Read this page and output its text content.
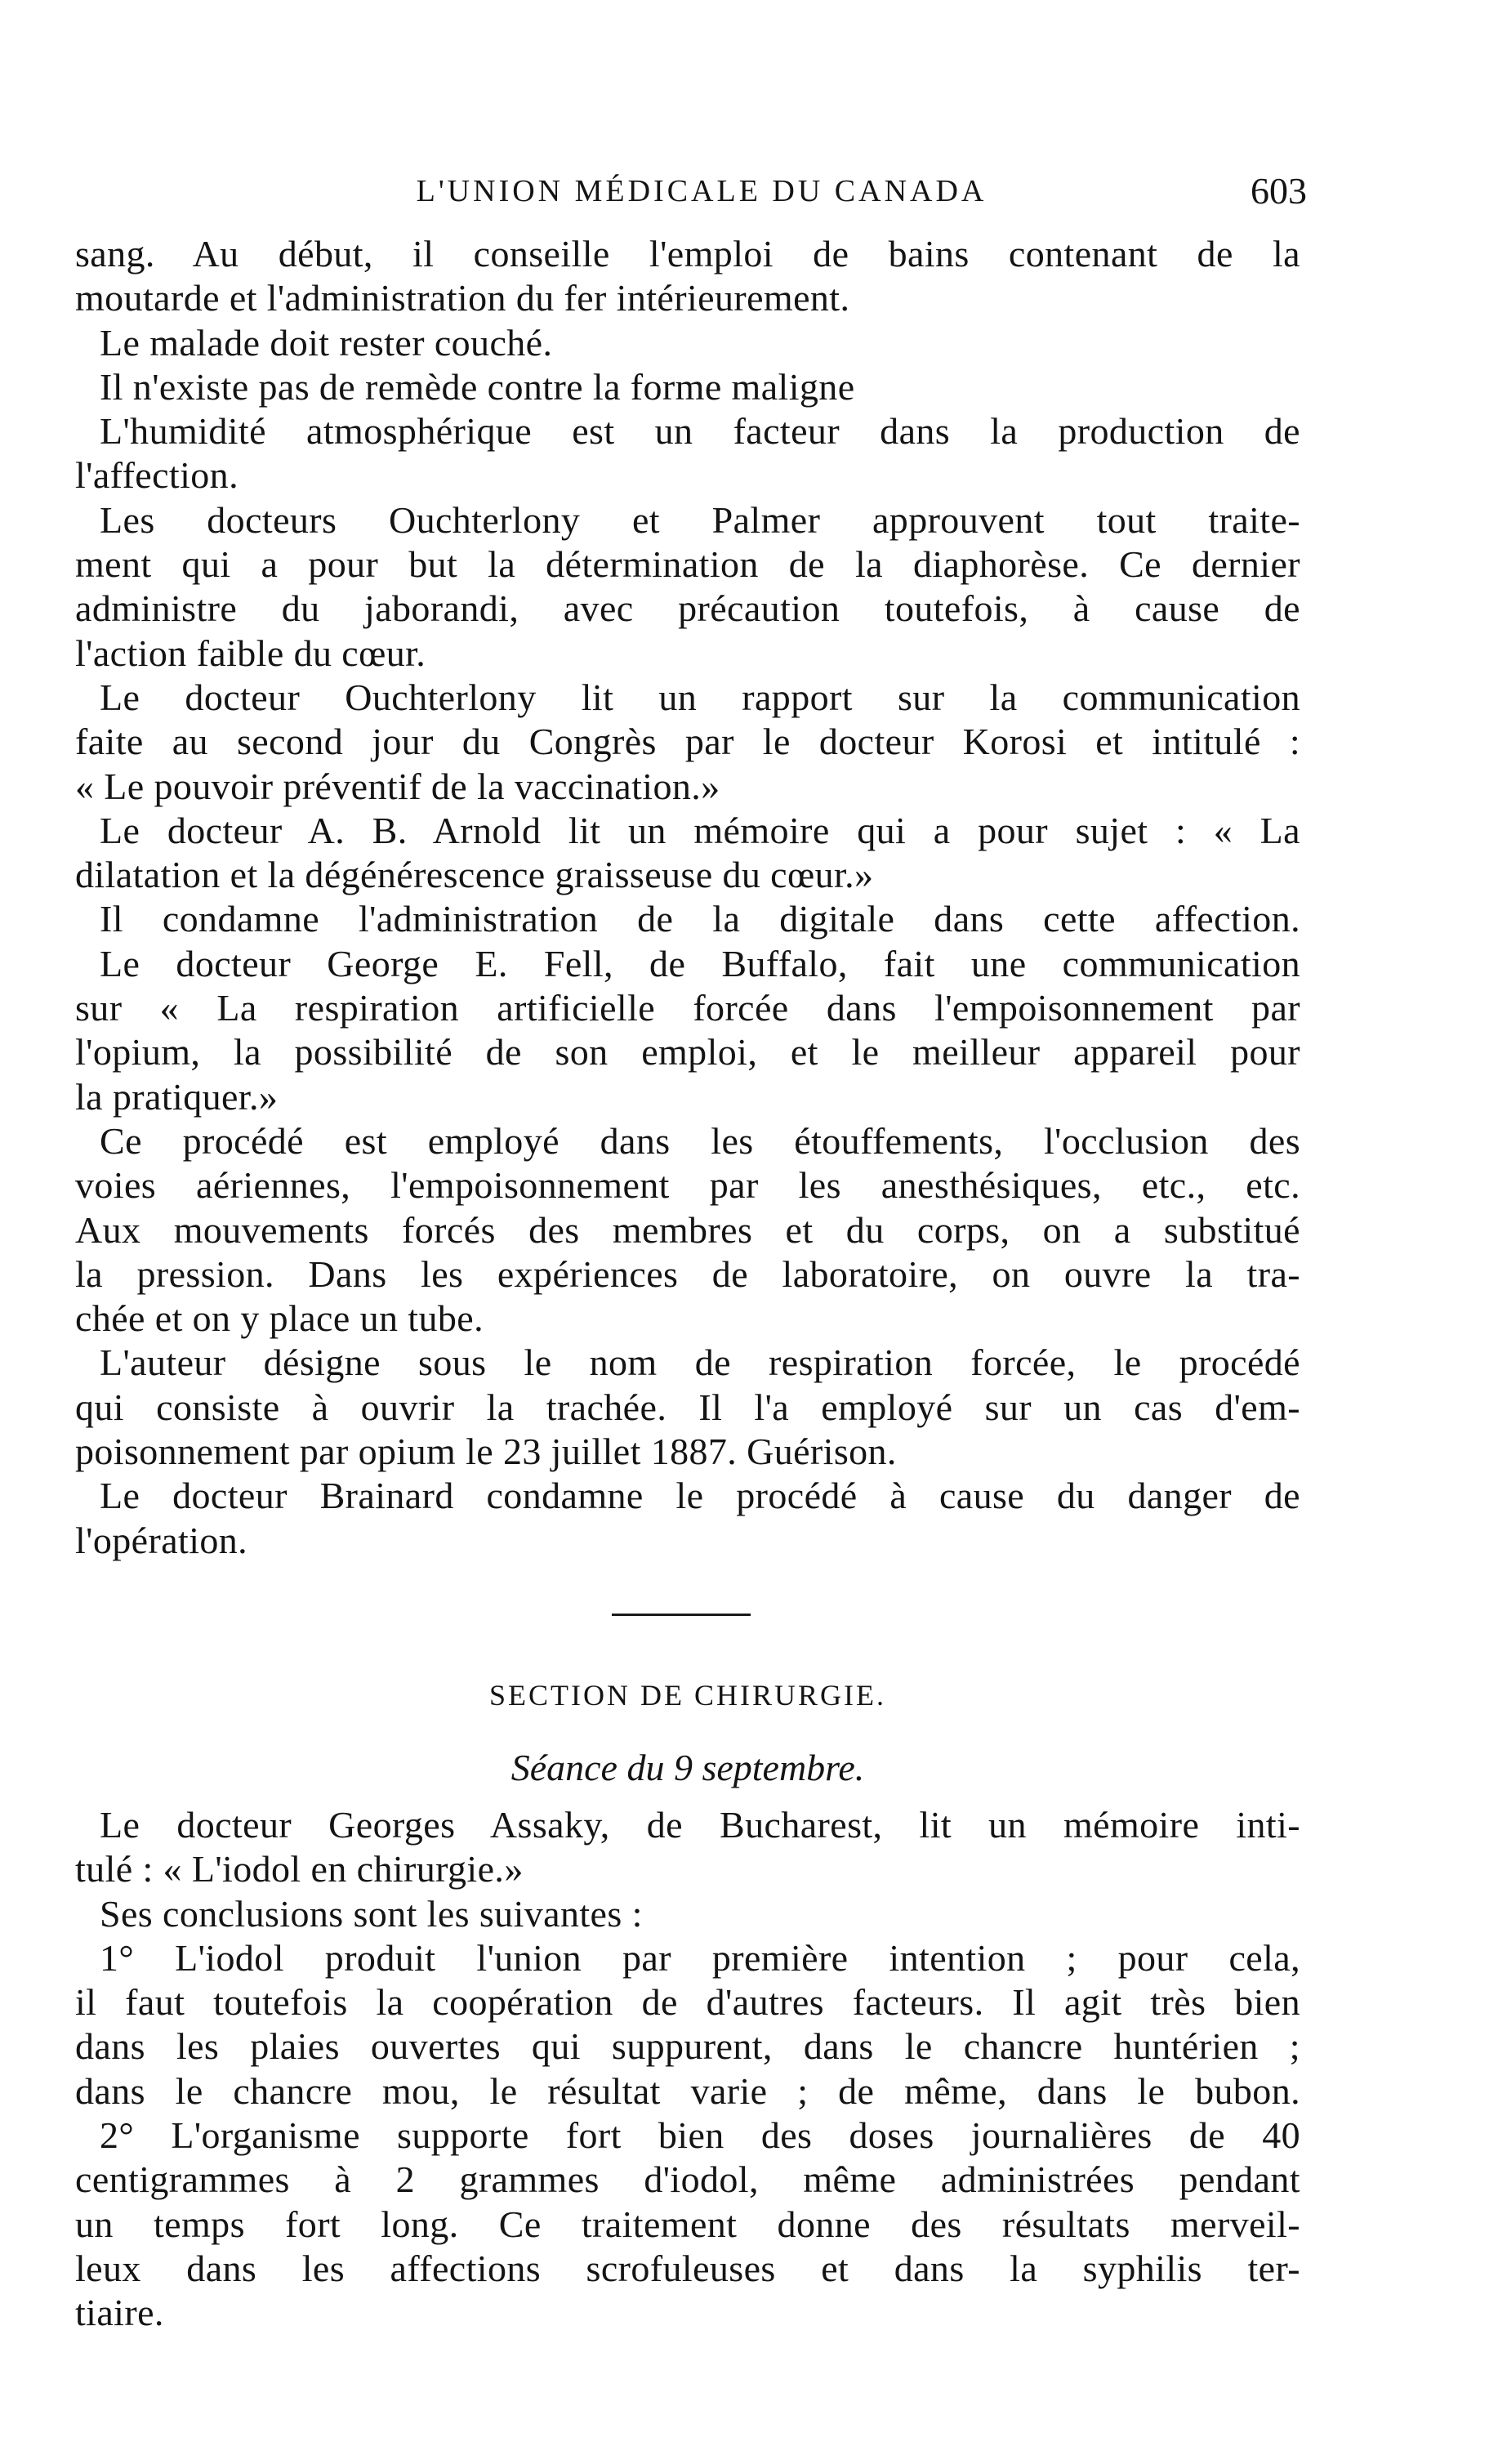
L'UNION MÉDICALE DU CANADA	603
sang. Au début, il conseille l'emploi de bains contenant de la
moutarde et l'administration du fer intérieurement.
Le malade doit rester couché.
Il n'existe pas de remède contre la forme maligne
L'humidité atmosphérique est un facteur dans la production de
l'affection.
Les docteurs Ouchterlony et Palmer approuvent tout traite-
ment qui a pour but la détermination de la diaphorèse. Ce dernier
administre du jaborandi, avec précaution toutefois, à cause de
l'action faible du cœur.
Le docteur Ouchterlony lit un rapport sur la communication
faite au second jour du Congrès par le docteur Korosi et intitulé :
« Le pouvoir préventif de la vaccination.»
Le docteur A. B. Arnold lit un mémoire qui a pour sujet : « La
dilatation et la dégénérescence graisseuse du cœur.»
Il condamne l'administration de la digitale dans cette affection.
Le docteur George E. Fell, de Buffalo, fait une communication
sur « La respiration artificielle forcée dans l'empoisonnement par
l'opium, la possibilité de son emploi, et le meilleur appareil pour
la pratiquer.»
Ce procédé est employé dans les étouffements, l'occlusion des
voies aériennes, l'empoisonnement par les anesthésiques, etc., etc.
Aux mouvements forcés des membres et du corps, on a substitué
la pression. Dans les expériences de laboratoire, on ouvre la tra-
chée et on y place un tube.
L'auteur désigne sous le nom de respiration forcée, le procédé
qui consiste à ouvrir la trachée. Il l'a employé sur un cas d'em-
poisonnement par opium le 23 juillet 1887. Guérison.
Le docteur Brainard condamne le procédé à cause du danger de
l'opération.
SECTION DE CHIRURGIE.
Séance du 9 septembre.
Le docteur Georges Assaky, de Bucharest, lit un mémoire inti-
tulé : « L'iodol en chirurgie.»
Ses conclusions sont les suivantes :
1° L'iodol produit l'union par première intention ; pour cela,
il faut toutefois la coopération de d'autres facteurs. Il agit très bien
dans les plaies ouvertes qui suppurent, dans le chancre huntérien ;
dans le chancre mou, le résultat varie ; de même, dans le bubon.
2° L'organisme supporte fort bien des doses journalières de 40
centigrammes à 2 grammes d'iodol, même administrées pendant
un temps fort long. Ce traitement donne des résultats merveil-
leux dans les affections scrofuleuses et dans la syphilis ter-
tiaire.
